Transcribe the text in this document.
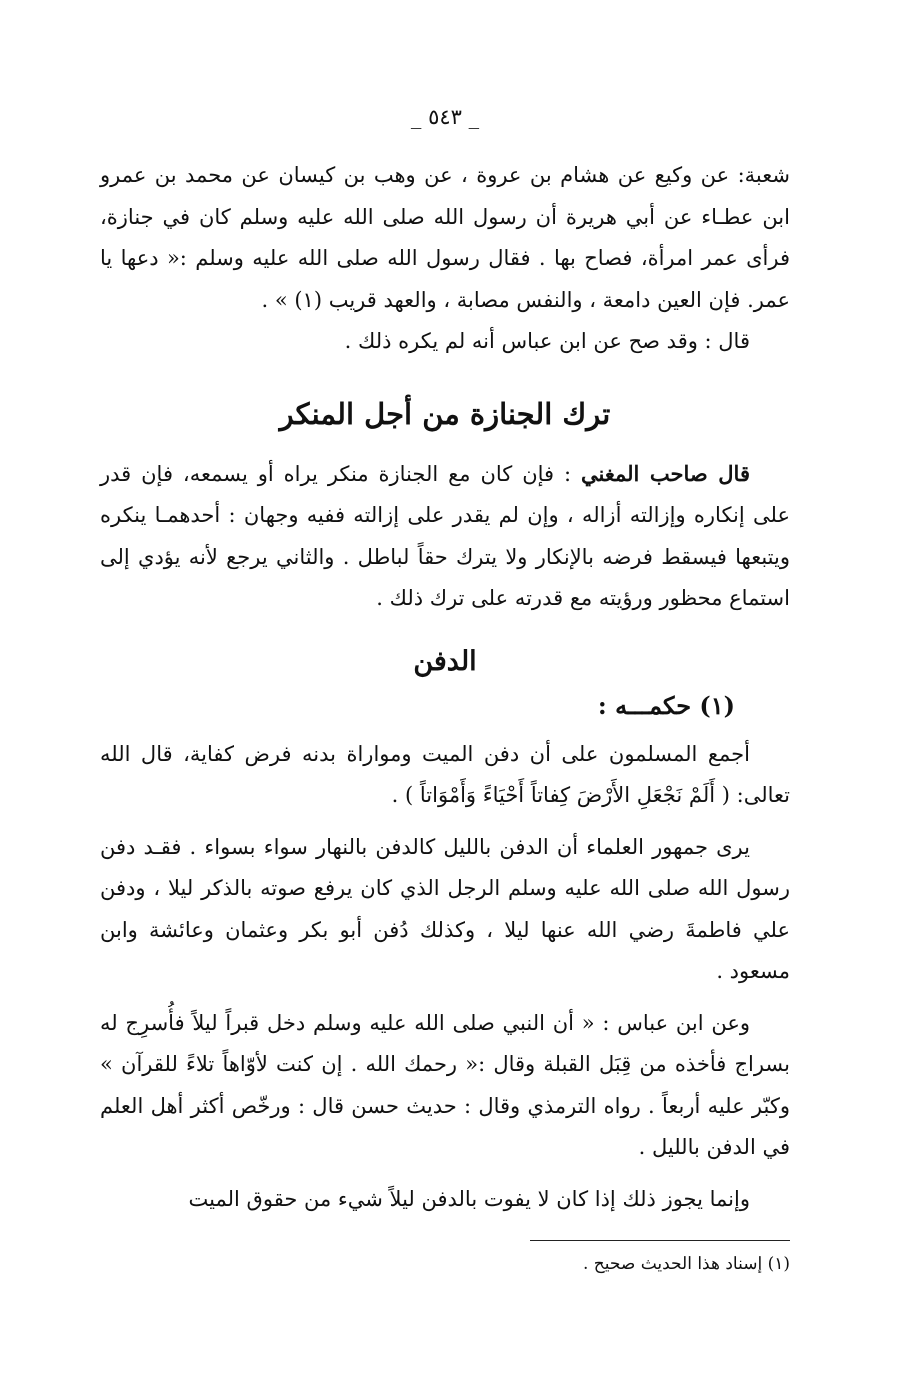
_ ٥٤٣ _

شعبة: عن وكيع عن هشام بن عروة ، عن وهب بن كيسان عن محمد بن عمرو ابن عطـاء عن أبي هريرة أن رسول الله صلى الله عليه وسلم كان في جنازة، فرأى عمر امرأة، فصاح بها . فقال رسول الله صلى الله عليه وسلم :« دعها يا عمر. فإن العين دامعة ، والنفس مصابة ، والعهد قريب (١) » .

قال : وقد صح عن ابن عباس أنه لم يكره ذلك .

ترك الجنازة من أجل المنكر

قال صاحب المغني : فإن كان مع الجنازة منكر يراه أو يسمعه، فإن قدر على إنكاره وإزالته أزاله ، وإن لم يقدر على إزالته ففيه وجهان : أحدهمـا ينكره ويتبعها فيسقط فرضه بالإنكار ولا يترك حقاً لباطل . والثاني يرجع لأنه يؤدي إلى استماع محظور ورؤيته مع قدرته على ترك ذلك .

الدفن
(١) حكمـــه :

أجمع المسلمون على أن دفن الميت ومواراة بدنه فرض كفاية، قال الله تعالى: ( أَلَمْ نَجْعَلِ الأَرْضَ كِفاتاً أَحْيَاءً وَأَمْوَاتاً ) .

يرى جمهور العلماء أن الدفن بالليل كالدفن بالنهار سواء بسواء . فقـد دفن رسول الله صلى الله عليه وسلم الرجل الذي كان يرفع صوته بالذكر ليلا ، ودفن علي فاطمةَ رضي الله عنها ليلا ، وكذلك دُفن أبو بكر وعثمان وعائشة وابن مسعود .

وعن ابن عباس : « أن النبي صلى الله عليه وسلم دخل قبراً ليلاً فأُسرِج له بسراج فأخذه من قِبَل القبلة وقال :« رحمك الله . إن كنت لأوّاهاً تلاءً للقرآن » وكبّر عليه أربعاً . رواه الترمذي وقال : حديث حسن قال : ورخّص أكثر أهل العلم في الدفن بالليل .

وإنما يجوز ذلك إذا كان لا يفوت بالدفن ليلاً شيء من حقوق الميت

(١) إسناد هذا الحديث صحيح .
